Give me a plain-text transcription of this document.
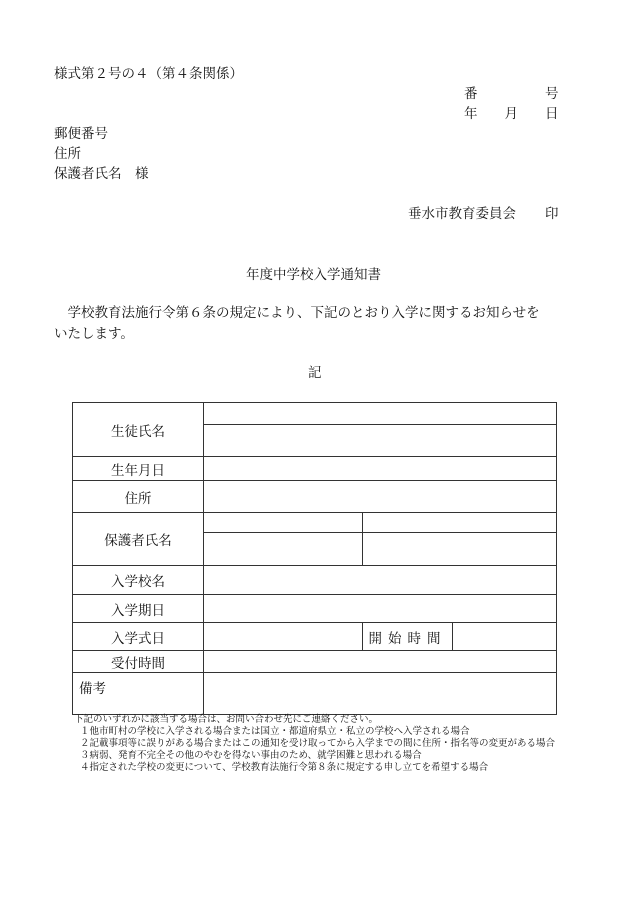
様式第２号の４（第４条関係）
番　　　　　号
年　　月　　日
郵便番号
住所
保護者氏名　様
垂水市教育委員会 印
年度中学校入学通知書
　学校教育法施行令第６条の規定により、下記のとおり入学に関するお知らせを
いたします。
記
生徒氏名			

生年月日			
住所			
保護者氏名			

入学校名			
入学期日			
入学式日		開始時間	
受付時間			
備考			
下記のいずれかに該当する場合は、お問い合わせ先にご連絡ください。
１他市町村の学校に入学される場合または国立・都道府県立・私立の学校へ入学される場合
２記載事項等に誤りがある場合またはこの通知を受け取ってから入学までの間に住所・指名等の変更がある場合
３病弱、発育不完全その他のやむを得ない事由のため、就学困難と思われる場合
４指定された学校の変更について、学校教育法施行令第８条に規定する申し立てを希望する場合
